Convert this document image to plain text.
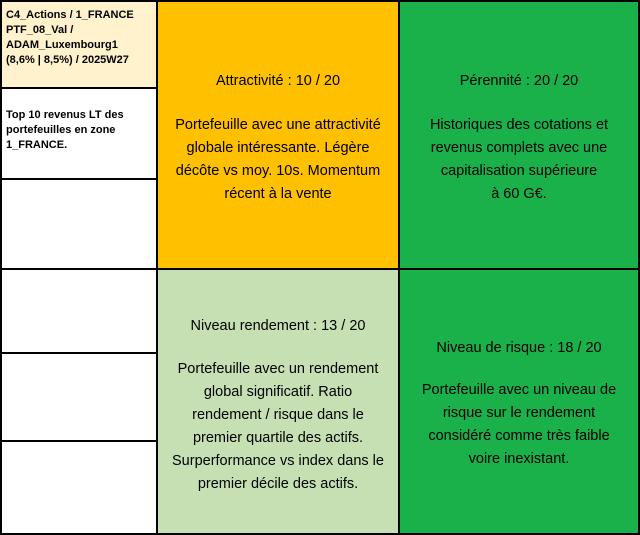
C4_Actions / 1_FRANCE
PTF_08_Val /
ADAM_Luxembourg1
(8,6% | 8,5%) / 2025W27
Top 10 revenus LT des
portefeuilles en zone
1_FRANCE.
Attractivité : 10 / 20
Portefeuille avec une attractivité
globale intéressante. Légère
décôte vs moy. 10s. Momentum
récent à la vente
Pérennité : 20 / 20
Historiques des cotations et
revenus complets avec une
capitalisation supérieure
à 60 G€.
Niveau rendement : 13 / 20
Portefeuille avec un rendement
global significatif. Ratio
rendement / risque dans le
premier quartile des actifs.
Surperformance vs index dans le
premier décile des actifs.
Niveau de risque : 18 / 20
Portefeuille avec un niveau de
risque sur le rendement
considéré comme très faible
voire inexistant.
